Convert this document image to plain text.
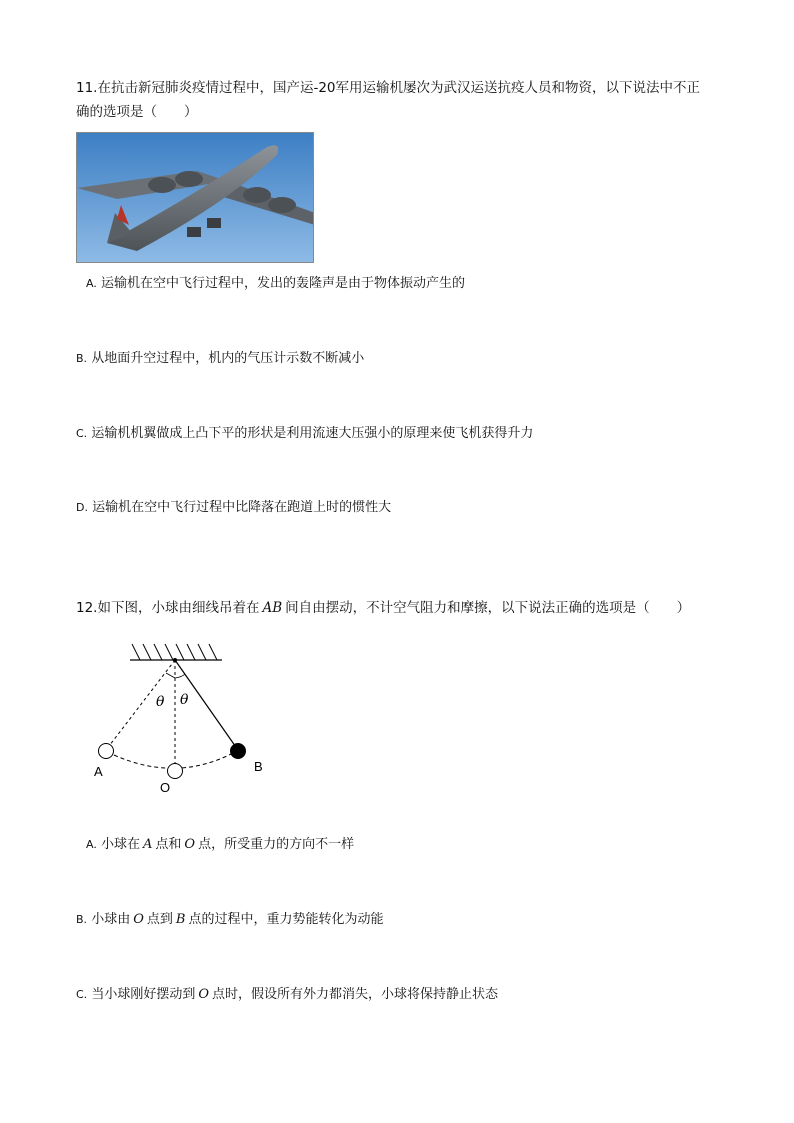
11.在抗击新冠肺炎疫情过程中，国产运-20军用运输机屡次为武汉运送抗疫人员和物资，以下说法中不正
确的选项是（　　）
A. 运输机在空中飞行过程中，发出的轰隆声是由于物体振动产生的
B. 从地面升空过程中，机内的气压计示数不断减小
C. 运输机机翼做成上凸下平的形状是利用流速大压强小的原理来使飞机获得升力
D. 运输机在空中飞行过程中比降落在跑道上时的惯性大
12.如下图，小球由细线吊着在 AB 间自由摆动，不计空气阻力和摩擦，以下说法正确的选项是（　　）
θ θ
A
O
B
A. 小球在 A 点和 O 点，所受重力的方向不一样
B. 小球由 O 点到 B 点的过程中，重力势能转化为动能
C. 当小球刚好摆动到 O 点时，假设所有外力都消失，小球将保持静止状态
